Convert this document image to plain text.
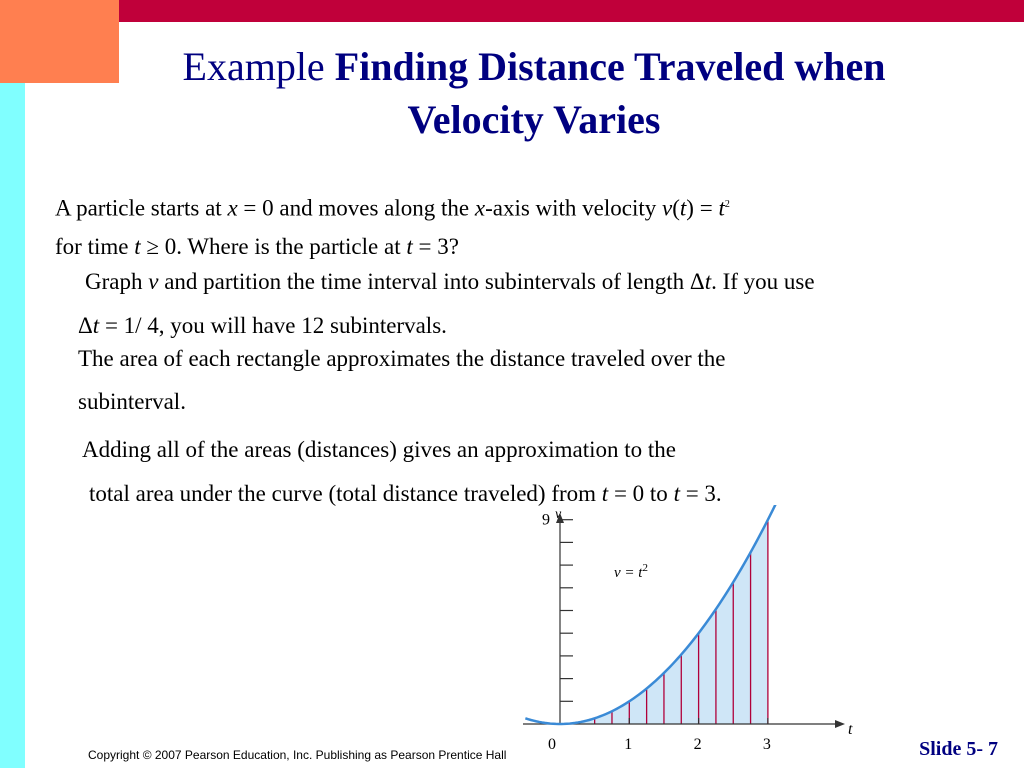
Example Finding Distance Traveled when
Velocity Varies
A particle starts at x = 0 and moves along the x-axis with velocity $v(t) = t^2$
for time t ≥ 0. Where is the particle at t = 3?
Graph v and partition the time interval into subintervals of length Δt. If you use
Δt = 1/ 4, you will have 12 subintervals.
The area of each rectangle approximates the distance traveled over the
subinterval.
Adding all of the areas (distances) gives an approximation to the
total area under the curve (total distance traveled) from t = 0 to t = 3.
v
t
$v = t^2$
0	1	2	3
9
Copyright © 2007 Pearson Education, Inc. Publishing as Pearson Prentice Hall	Slide 5- 7
